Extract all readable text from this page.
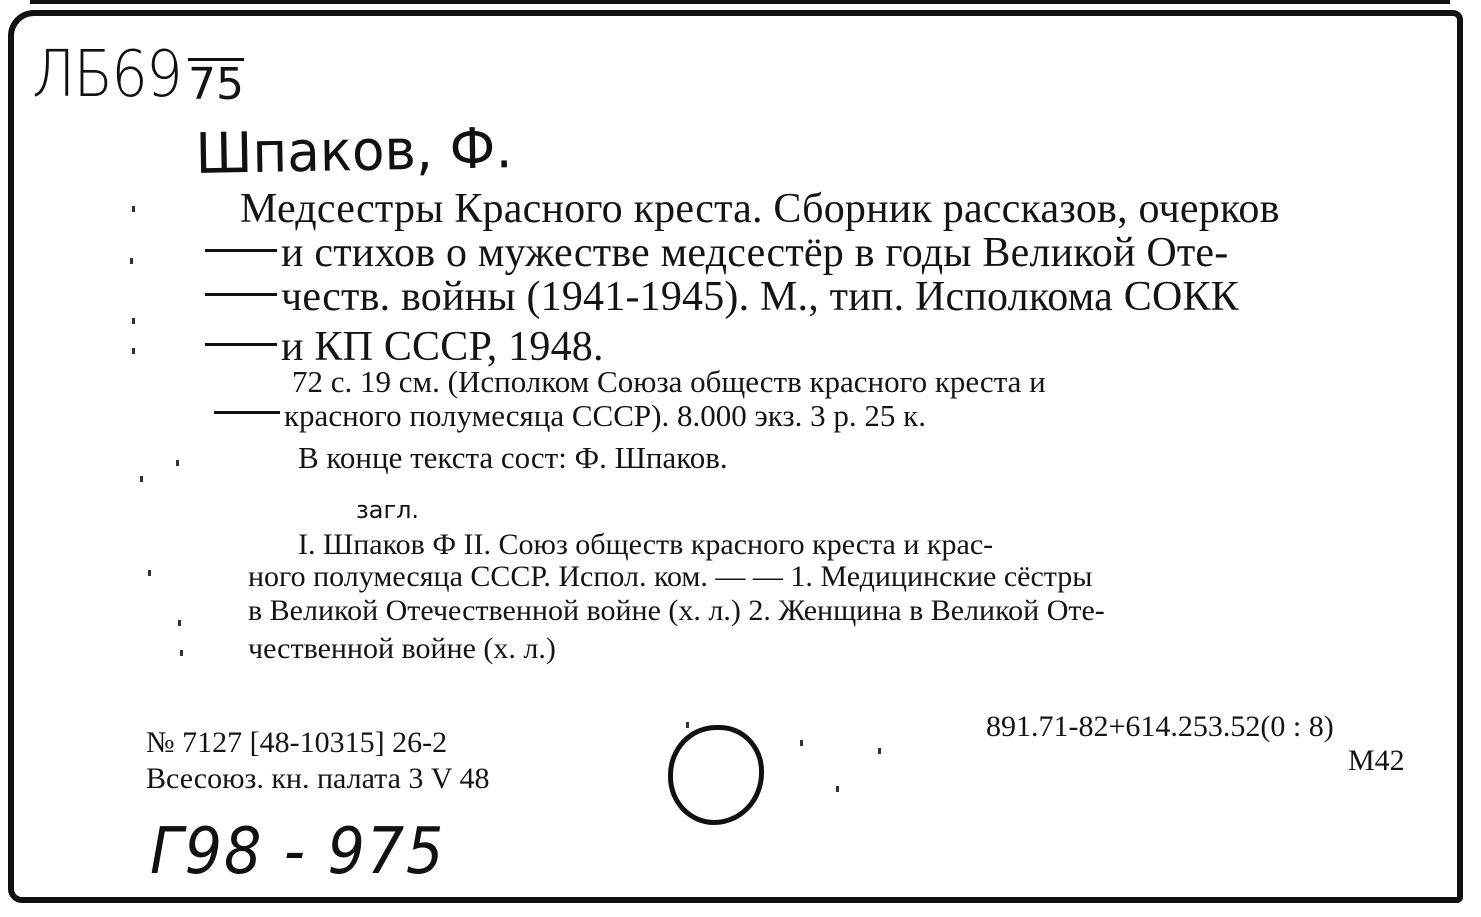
ЛБ69 75
Шпаков, Ф.
Медсестры Красного креста. Сборник рассказов, очерков
и стихов о мужестве медсестёр в годы Великой Оте-
честв. войны (1941-1945). М., тип. Исполкома СОКК
и КП СССР, 1948.
72 с. 19 см. (Исполком Союза обществ красного креста и
красного полумесяца СССР). 8.000 экз. 3 р. 25 к.
В конце текста сост: Ф. Шпаков.
загл.
I. Шпаков Ф II. Союз обществ красного креста и крас-
ного полумесяца СССР. Испол. ком. — — 1. Медицинские сёстры
в Великой Отечественной войне (х. л.) 2. Женщина в Великой Оте-
чественной войне (х. л.)
№ 7127 [48-10315] 26-2
Всесоюз. кн. палата 3 V 48
891.71-82+614.253.52(0 : 8)
М42
Г98 - 975
